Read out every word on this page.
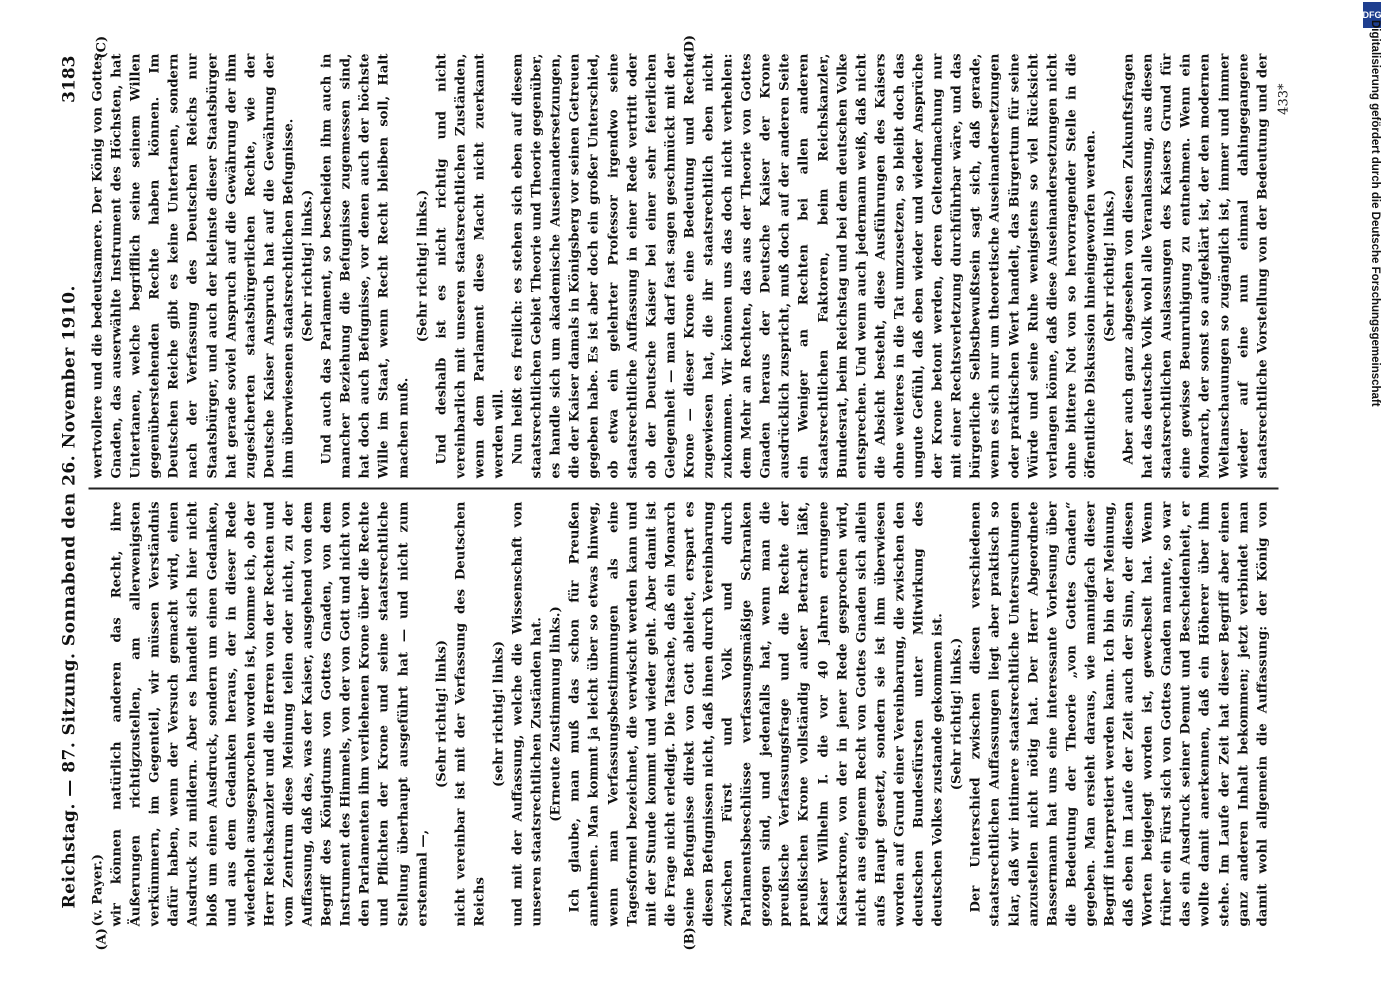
Reichstag. — 87. Sitzung. Sonnabend den 26. November 1910.
3183
(A)	(B)

(v. Payer.) wir können natürlich anderen das Recht, ihre Äußerungen richtigzustellen, am allerwenigsten verkümmern, im Gegenteil, wir müssen Verständnis dafür haben, wenn der Versuch gemacht wird, einen Ausdruck zu mildern. Aber es handelt sich hier nicht bloß um einen Ausdruck, sondern um einen Gedanken, und aus dem Gedanken heraus, der in dieser Rede wiederholt ausgesprochen worden ist, komme ich, ob der Herr Reichskanzler und die Herren von der Rechten und vom Zentrum diese Meinung teilen oder nicht, zu der Auffassung, daß das, was der Kaiser, ausgehend von dem Begriff des Königtums von Gottes Gnaden, von dem Instrument des Himmels, von der von Gott und nicht von den Parlamenten ihm verliehenen Krone über die Rechte und Pflichten der Krone und seine staatsrechtliche Stellung überhaupt ausgeführt hat — und nicht zum erstenmal —,

(Sehr richtig! links) nicht vereinbar ist mit der Verfassung des Deutschen Reichs

(sehr richtig! links) und mit der Auffassung, welche die Wissenschaft von unseren staatsrechtlichen Zuständen hat. (Erneute Zustimmung links.) Ich glaube, man muß das schon für Preußen annehmen. Man kommt ja leicht über so etwas hinweg, wenn man Verfassungsbestimmungen als eine Tagesformel bezeichnet, die verwischt werden kann und mit der Stunde kommt und wieder geht. Aber damit ist die Frage nicht erledigt. Die Tatsache, daß ein Monarch seine Befugnisse direkt von Gott ableitet, erspart es diesen Befugnissen nicht, daß ihnen durch Vereinbarung zwischen Fürst und Volk und durch Parlamentsbeschlüsse verfassungsmäßige Schranken gezogen sind, und jedenfalls hat, wenn man die preußische Verfassungsfrage und die Rechte der preußischen Krone vollständig außer Betracht läßt, Kaiser Wilhelm I. die vor 40 Jahren errungene Kaiserkrone, von der in jener Rede gesprochen wird, nicht aus eigenem Recht von Gottes Gnaden sich allein aufs Haupt gesetzt, sondern sie ist ihm überwiesen worden auf Grund einer Vereinbarung, die zwischen den deutschen Bundesfürsten unter Mitwirkung des deutschen Volkes zustande gekommen ist. (Sehr richtig! links.)

Der Unterschied zwischen diesen verschiedenen staatsrechtlichen Auffassungen liegt aber praktisch so klar, daß wir intimere staatsrechtliche Untersuchungen anzustellen nicht nötig hat. Der Herr Abgeordnete Bassermann hat uns eine interessante Vorlesung über die Bedeutung der Theorie „von Gottes Gnaden“ gegeben. Man ersieht daraus, wie mannigfach dieser Begriff interpretiert werden kann. Ich bin der Meinung, daß eben im Laufe der Zeit auch der Sinn, der diesen Worten beigelegt worden ist, gewechselt hat. Wenn früher ein Fürst sich von Gottes Gnaden nannte, so war das ein Ausdruck seiner Demut und Bescheidenheit, er wollte damit anerkennen, daß ein Höherer über ihm stehe. Im Laufe der Zeit hat dieser Begriff aber einen ganz anderen Inhalt bekommen; jetzt verbindet man damit wohl allgemein die Auffassung: der König von

wertvollere und die bedeutsamere. Der König von Gottes Gnaden, das auserwählte Instrument des Höchsten, hat Untertanen, welche begrifflich seine seinem Willen gegenüberstehenden Rechte haben können. Im Deutschen Reiche gibt es keine Untertanen, sondern nach der Verfassung des Deutschen Reichs nur Staatsbürger, und auch der kleinste dieser Staatsbürger hat gerade soviel Anspruch auf die Gewährung der ihm zugesicherten staatsbürgerlichen Rechte, wie der Deutsche Kaiser Anspruch hat auf die Gewährung der ihm überwiesenen staatsrechtlichen Befugnisse. (Sehr richtig! links.) Und auch das Parlament, so bescheiden ihm auch in mancher Beziehung die Befugnisse zugemessen sind, hat doch auch Befugnisse, vor denen auch der höchste Wille im Staat, wenn Recht Recht bleiben soll, Halt machen muß.

(Sehr richtig! links.) Und deshalb ist es nicht richtig und nicht vereinbarlich mit unseren staatsrechtlichen Zuständen, wenn dem Parlament diese Macht nicht zuerkannt werden will. Nun heißt es freilich: es stehen sich eben auf diesem staatsrechtlichen Gebiet Theorie und Theorie gegenüber, es handle sich um akademische Auseinandersetzungen, die der Kaiser damals in Königsberg vor seinen Getreuen gegeben habe. Es ist aber doch ein großer Unterschied, ob etwa ein gelehrter Professor irgendwo seine staatsrechtliche Auffassung in einer Rede vertritt oder ob der Deutsche Kaiser bei einer sehr feierlichen Gelegenheit — man darf fast sagen geschmückt mit der Krone — dieser Krone eine Bedeutung und Rechte zugewiesen hat, die ihr staatsrechtlich eben nicht zukommen. Wir können uns das doch nicht verhehlen: dem Mehr an Rechten, das aus der Theorie von Gottes Gnaden heraus der Deutsche Kaiser der Krone ausdrücklich zuspricht, muß doch auf der anderen Seite ein Weniger an Rechten bei allen anderen staatsrechtlichen Faktoren, beim Reichskanzler, Bundesrat, beim Reichstag und bei dem deutschen Volke entsprechen. Und wenn auch jedermann weiß, daß nicht die Absicht besteht, diese Ausführungen des Kaisers ohne weiteres in die Tat umzusetzen, so bleibt doch das ungute Gefühl, daß eben wieder und wieder Ansprüche der Krone betont werden, deren Geltendmachung nur mit einer Rechtsverletzung durchführbar wäre, und das bürgerliche Selbstbewußtsein sagt sich, daß gerade, wenn es sich nur um theoretische Auseinandersetzungen oder praktischen Wert handelt, das Bürgertum für seine Würde und seine Ruhe wenigstens so viel Rücksicht verlangen könne, daß diese Auseinandersetzungen nicht ohne bittere Not von so hervorragender Stelle in die öffentliche Diskussion hineingeworfen werden. (Sehr richtig! links.)

Aber auch ganz abgesehen von diesen Zukunftsfragen hat das deutsche Volk wohl alle Veranlassung, aus diesen staatsrechtlichen Auslassungen des Kaisers Grund für eine gewisse Beunruhigung zu entnehmen. Wenn ein Monarch, der sonst so aufgeklärt ist, der den modernen Weltanschauungen so zugänglich ist, immer und immer wieder auf eine nun einmal dahingegangene staatsrechtliche Vorstellung von der Bedeutung und der

(C)	(D)
433*
DFG
Digitalisierung gefördert durch die Deutsche Forschungsgemeinschaft
